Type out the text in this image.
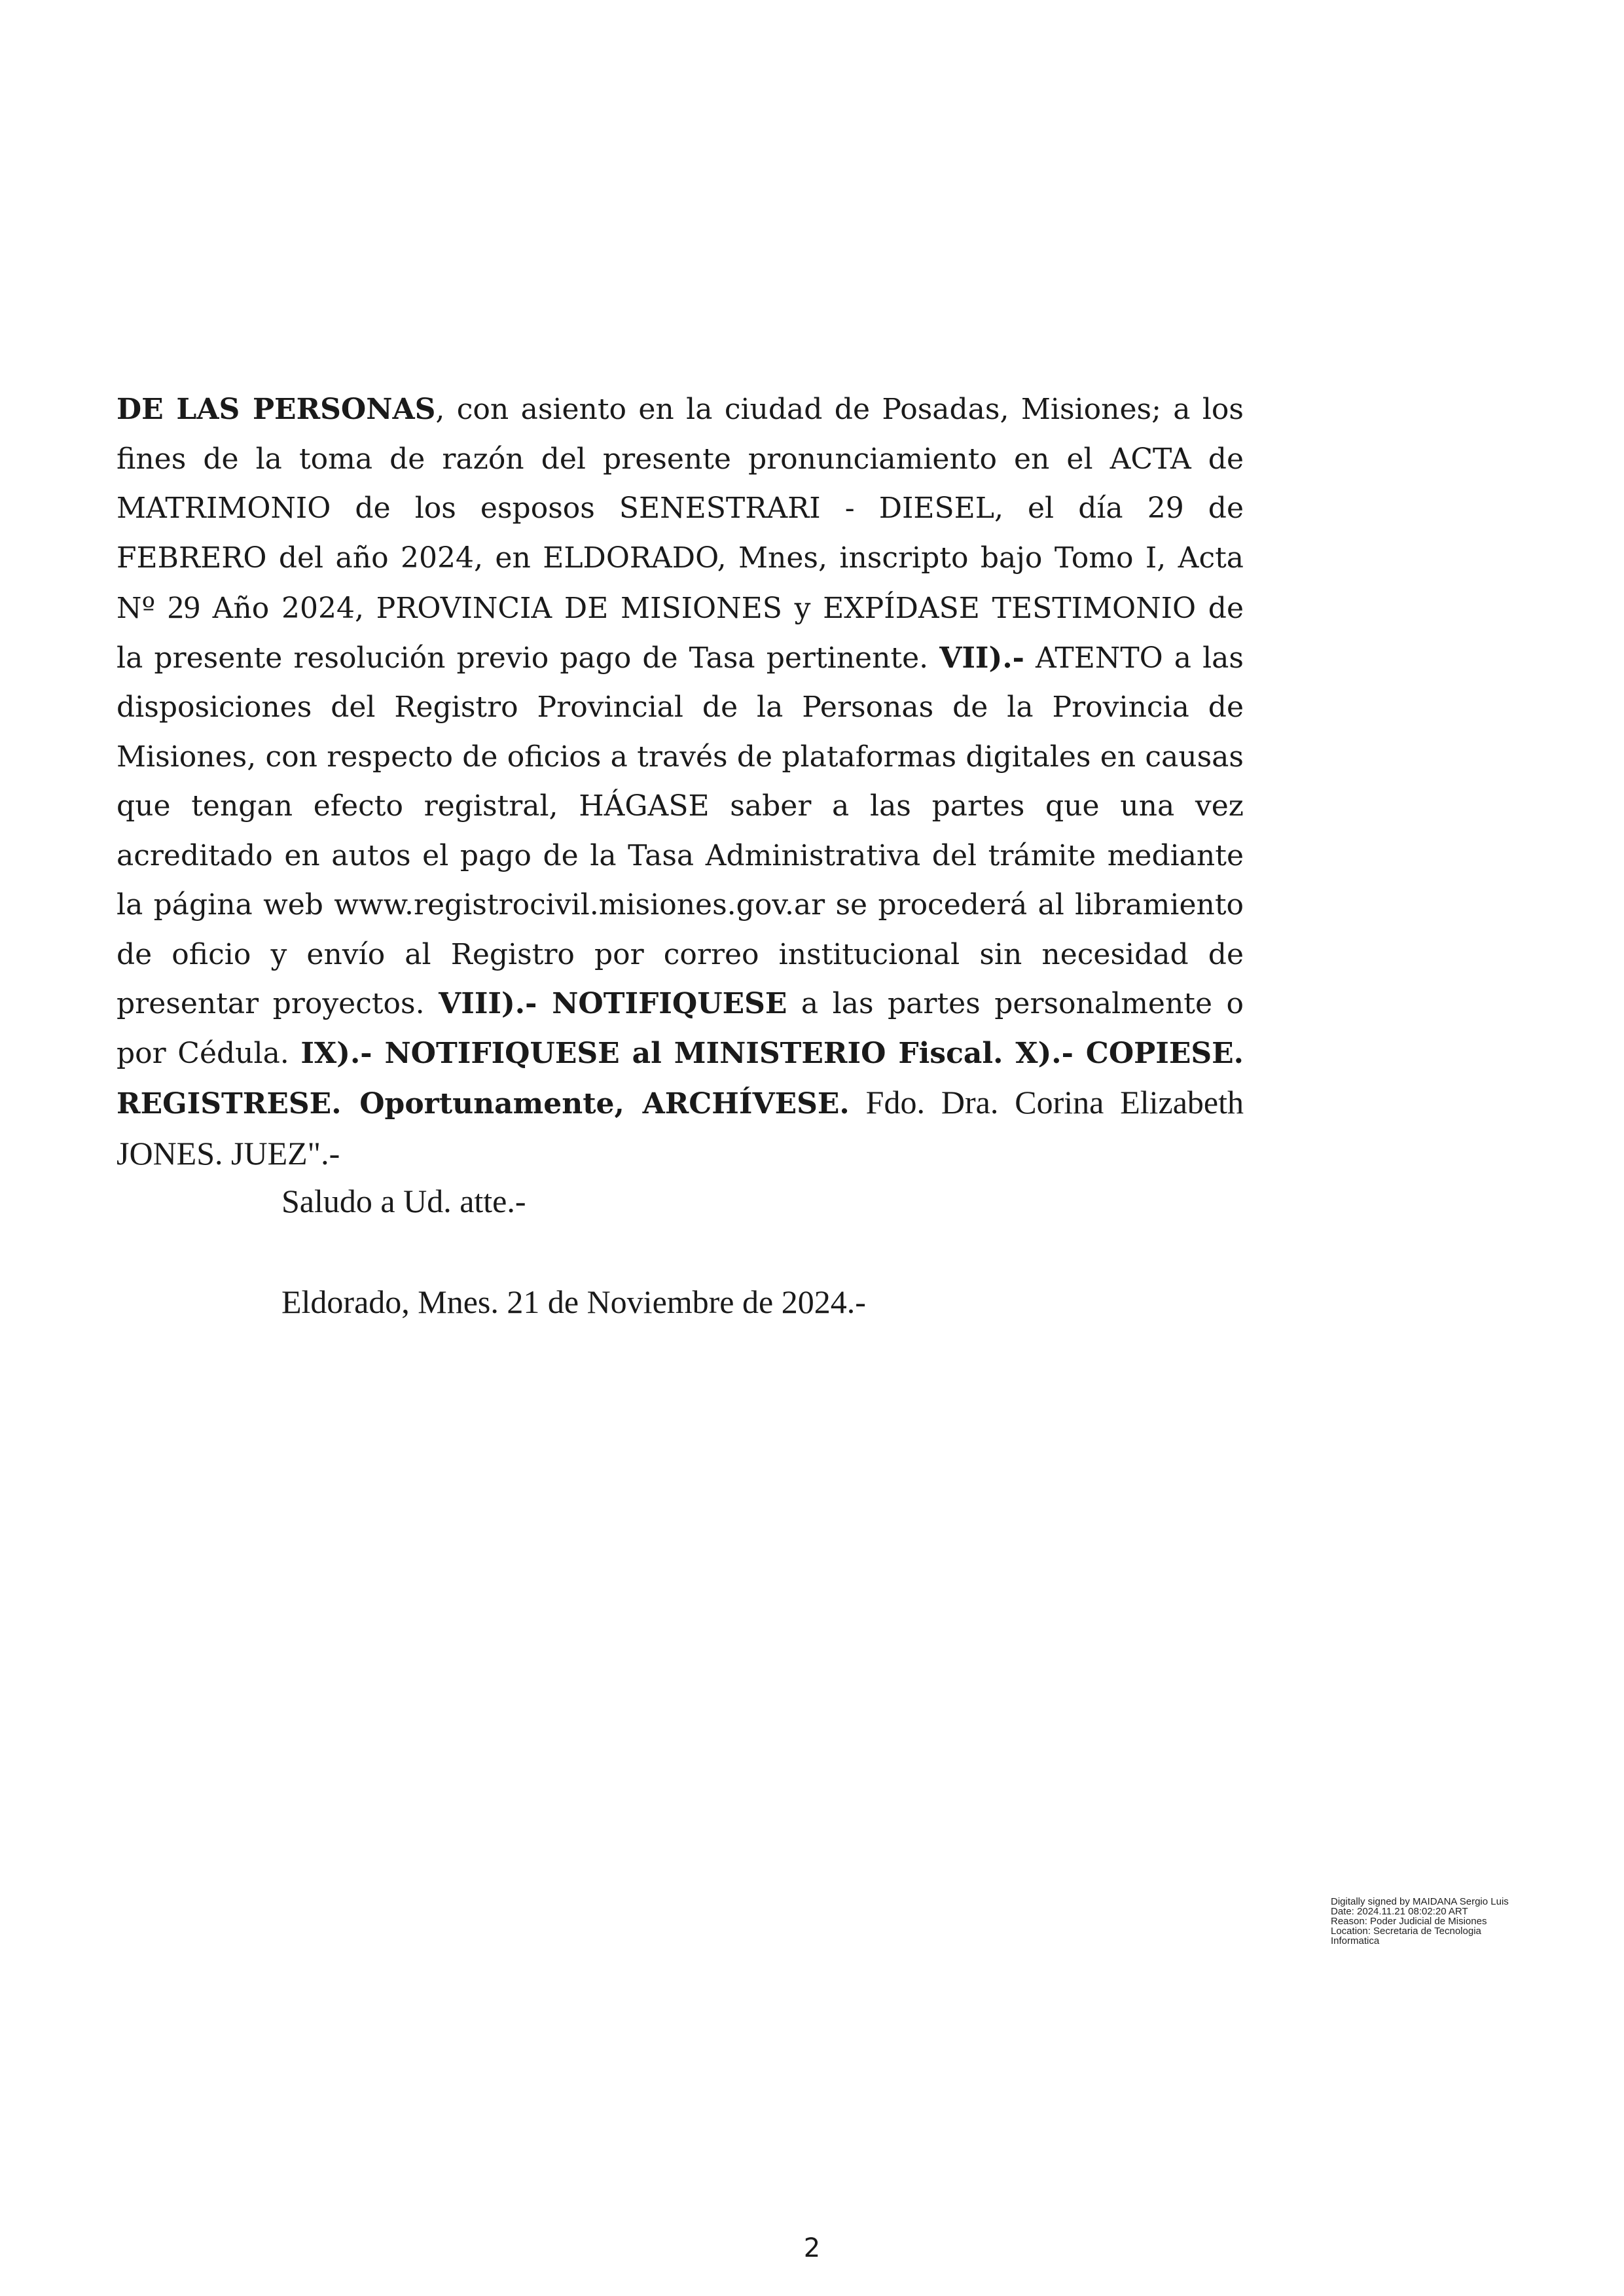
DE LAS PERSONAS, con asiento en la ciudad de Posadas, Misiones; a los fines de la toma de razón del presente pronunciamiento en el ACTA de MATRIMONIO de los esposos SENESTRARI - DIESEL, el día 29 de FEBRERO del año 2024, en ELDORADO, Mnes, inscripto bajo Tomo I, Acta Nº 29 Año 2024, PROVINCIA DE MISIONES y EXPÍDASE TESTIMONIO de la presente resolución previo pago de Tasa pertinente. VII).- ATENTO a las disposiciones del Registro Provincial de la Personas de la Provincia de Misiones, con respecto de oficios a través de plataformas digitales en causas que tengan efecto registral, HÁGASE saber a las partes que una vez acreditado en autos el pago de la Tasa Administrativa del trámite mediante la página web www.registrocivil.misiones.gov.ar se procederá al libramiento de oficio y envío al Registro por correo institucional sin necesidad de presentar proyectos. VIII).- NOTIFIQUESE a las partes personalmente o por Cédula. IX).- NOTIFIQUESE al MINISTERIO Fiscal. X).- COPIESE. REGISTRESE. Oportunamente, ARCHÍVESE. Fdo. Dra. Corina Elizabeth JONES. JUEZ".-

Saludo a Ud. atte.-

Eldorado, Mnes. 21 de Noviembre de 2024.-

Digitally signed by MAIDANA Sergio Luis
Date: 2024.11.21 08:02:20 ART
Reason: Poder Judicial de Misiones
Location: Secretaria de Tecnologia
Informatica

2
